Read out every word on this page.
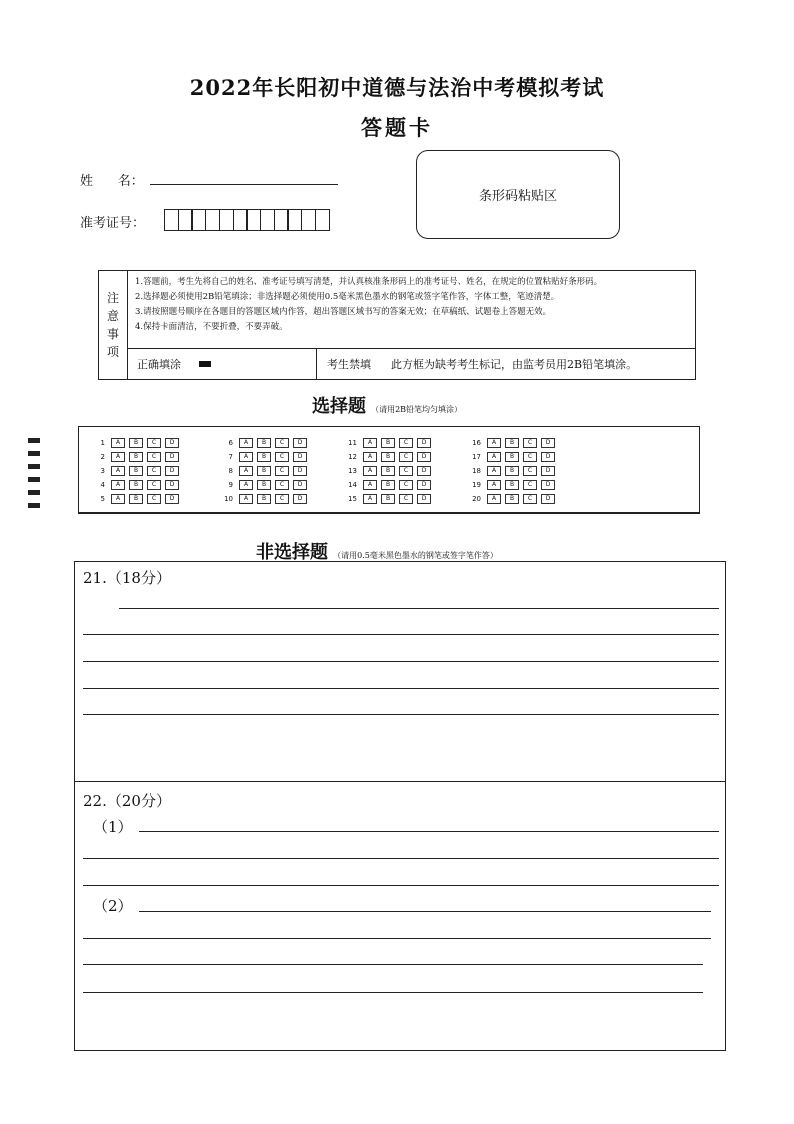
2022年长阳初中道德与法治中考模拟考试
答题卡
姓      名：
准考证号：
条形码粘贴区
注
意
事
项
1.答题前，考生先将自己的姓名、准考证号填写清楚，并认真核准条形码上的准考证号、姓名，在规定的位置粘贴好条形码。
2.选择题必须使用2B铅笔填涂；非选择题必须使用0.5毫米黑色墨水的钢笔或签字笔作答，字体工整，笔迹清楚。
3.请按照题号顺序在各题目的答题区域内作答，超出答题区域书写的答案无效；在草稿纸、试题卷上答题无效。
4.保持卡面清洁，不要折叠，不要弄破。
正确填涂	考生禁填 此方框为缺考考生标记，由监考员用2B铅笔填涂。
选择题 （请用2B铅笔均匀填涂）
1	A	B	C	D
2	A	B	C	D
3	A	B	C	D
4	A	B	C	D
5	A	B	C	D
6	A	B	C	D
7	A	B	C	D
8	A	B	C	D
9	A	B	C	D
10	A	B	C	D
11	A	B	C	D
12	A	B	C	D
13	A	B	C	D
14	A	B	C	D
15	A	B	C	D
16	A	B	C	D
17	A	B	C	D
18	A	B	C	D
19	A	B	C	D
20	A	B	C	D
非选择题 （请用0.5毫米黑色墨水的钢笔或签字笔作答）
21.（18分）
22.（20分）
（1）
（2）
